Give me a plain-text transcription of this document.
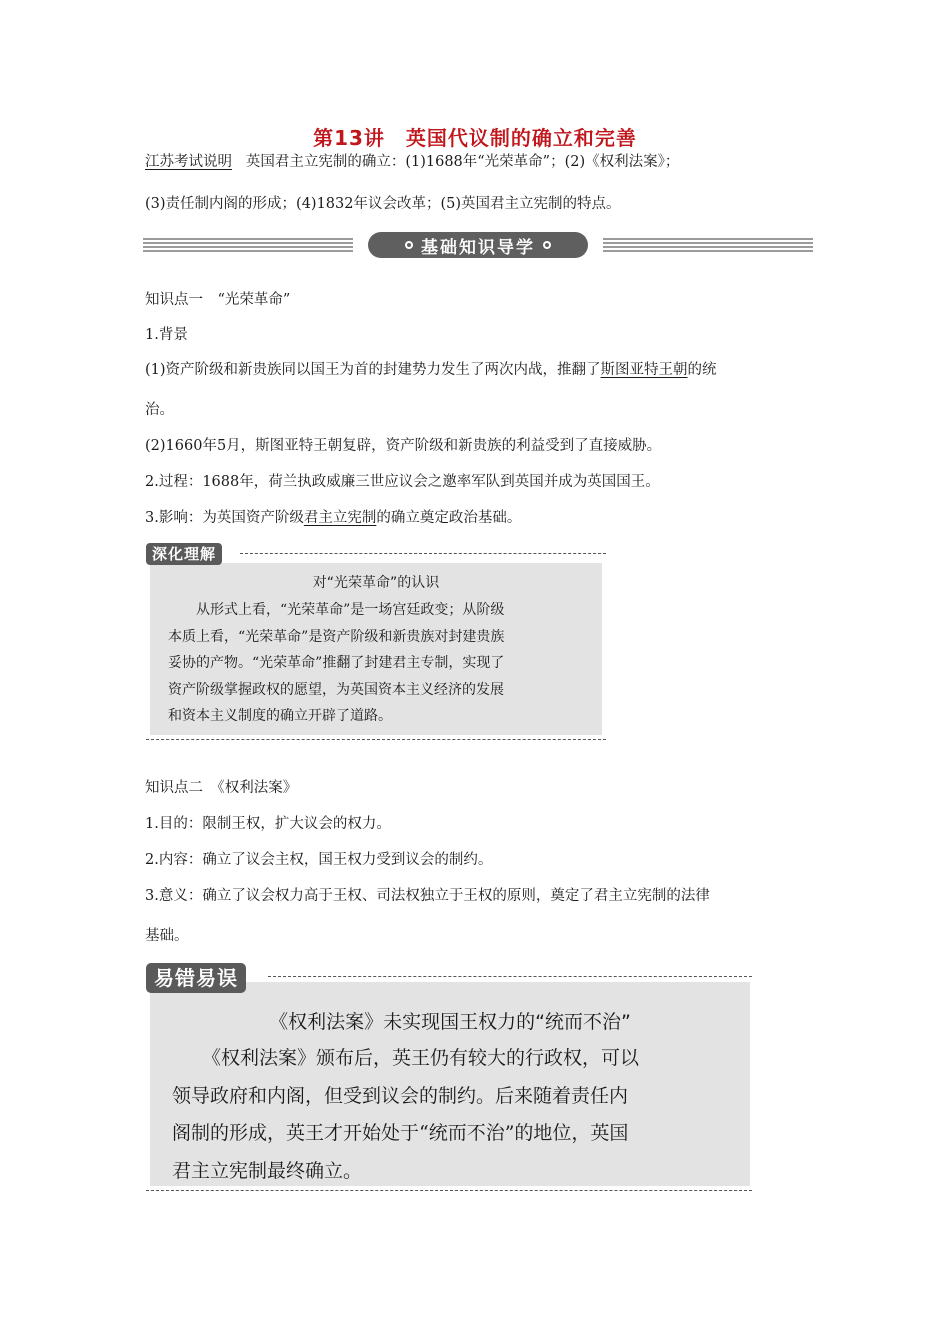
第13讲　英国代议制的确立和完善
江苏考试说明 英国君主立宪制的确立：(1)1688年“光荣革命”；(2)《权利法案》；
(3)责任制内阁的形成；(4)1832年议会改革；(5)英国君主立宪制的特点。
基础知识导学
知识点一　“光荣革命”
1.背景
(1)资产阶级和新贵族同以国王为首的封建势力发生了两次内战，推翻了斯图亚特王朝的统
治。
(2)1660年5月，斯图亚特王朝复辟，资产阶级和新贵族的利益受到了直接威胁。
2.过程：1688年，荷兰执政威廉三世应议会之邀率军队到英国并成为英国国王。
3.影响：为英国资产阶级君主立宪制的确立奠定政治基础。
深化理解
对“光荣革命”的认识
从形式上看，“光荣革命”是一场宫廷政变；从阶级
本质上看，“光荣革命”是资产阶级和新贵族对封建贵族
妥协的产物。“光荣革命”推翻了封建君主专制，实现了
资产阶级掌握政权的愿望，为英国资本主义经济的发展
和资本主义制度的确立开辟了道路。
知识点二　《权利法案》
1.目的：限制王权，扩大议会的权力。
2.内容：确立了议会主权，国王权力受到议会的制约。
3.意义：确立了议会权力高于王权、司法权独立于王权的原则，奠定了君主立宪制的法律
基础。
易错易误
《权利法案》未实现国王权力的“统而不治”
《权利法案》颁布后，英王仍有较大的行政权，可以
领导政府和内阁，但受到议会的制约。后来随着责任内
阁制的形成，英王才开始处于“统而不治”的地位，英国
君主立宪制最终确立。
